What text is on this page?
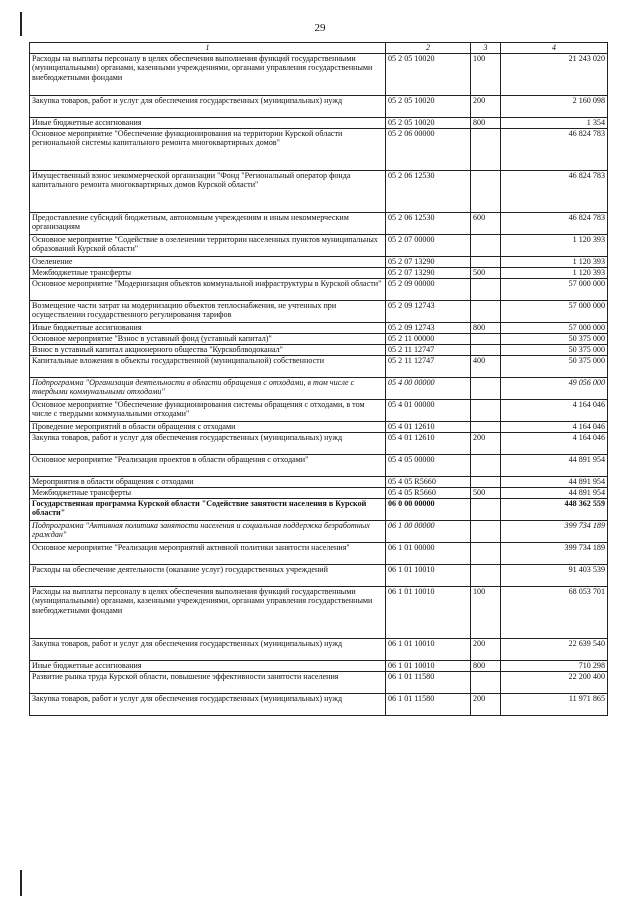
29
1	2	3	4
Расходы на выплаты персоналу в целях обеспечения выполнения функций государственными (муниципальными) органами, казенными учреждениями, органами управления государственными внебюджетными фондами	05 2 05 10020	100	21 243 020
Закупка товаров, работ и услуг для обеспечения государственных (муниципальных) нужд	05 2 05 10020	200	2 160 098
Иные бюджетные ассигнования	05 2 05 10020	800	1 354
Основное мероприятие "Обеспечение функционирования на территории Курской области региональной системы капитального ремонта многоквартирных домов"	05 2 06 00000		46 824 783
Имущественный взнос некоммерческой организации "Фонд "Региональный оператор фонда капитального ремонта многоквартирных домов Курской области"	05 2 06 12530		46 824 783
Предоставление субсидий бюджетным, автономным учреждениям и иным некоммерческим организациям	05 2 06 12530	600	46 824 783
Основное мероприятие "Содействие в озеленении территории населенных пунктов муниципальных образований Курской области"	05 2 07 00000		1 120 393
Озеленение	05 2 07 13290		1 120 393
Межбюджетные трансферты	05 2 07 13290	500	1 120 393
Основное мероприятие "Модернизация объектов коммунальной инфраструктуры в Курской области"	05 2 09 00000		57 000 000
Возмещение части затрат на модернизацию объектов теплоснабжения, не учтенных при осуществлении государственного регулирования тарифов	05 2 09 12743		57 000 000
Иные бюджетные ассигнования	05 2 09 12743	800	57 000 000
Основное мероприятие "Взнос в уставный фонд (уставный капитал)"	05 2 11 00000		50 375 000
Взнос в уставный капитал акционерного общества "Курскоблводоканал"	05 2 11 12747		50 375 000
Капитальные вложения в объекты государственной (муниципальной) собственности	05 2 11 12747	400	50 375 000
Подпрограмма "Организация деятельности в области обращения с отходами, в том числе с твердыми коммунальными отходами"	05 4 00 00000		49 056 000
Основное мероприятие "Обеспечение функционирования системы обращения с отходами, в том числе с твердыми коммунальными отходами"	05 4 01 00000		4 164 046
Проведение мероприятий в области обращения с отходами	05 4 01 12610		4 164 046
Закупка товаров, работ и услуг для обеспечения государственных (муниципальных) нужд	05 4 01 12610	200	4 164 046
Основное мероприятие "Реализация проектов в области обращения с отходами"	05 4 05 00000		44 891 954
Мероприятия в области обращения с отходами	05 4 05 R5660		44 891 954
Межбюджетные трансферты	05 4 05 R5660	500	44 891 954
Государственная программа Курской области "Содействие занятости населения в Курской области"	06 0 00 00000		448 362 559
Подпрограмма "Активная политика занятости населения и социальная поддержка безработных граждан"	06 1 00 00000		399 734 189
Основное мероприятие "Реализация мероприятий активной политики занятости населения"	06 1 01 00000		399 734 189
Расходы на обеспечение деятельности (оказание услуг) государственных учреждений	06 1 01 10010		91 403 539
Расходы на выплаты персоналу в целях обеспечения выполнения функций государственными (муниципальными) органами, казенными учреждениями, органами управления государственными внебюджетными фондами	06 1 01 10010	100	68 053 701
Закупка товаров, работ и услуг для обеспечения государственных (муниципальных) нужд	06 1 01 10010	200	22 639 540
Иные бюджетные ассигнования	06 1 01 10010	800	710 298
Развитие рынка труда Курской области, повышение эффективности занятости населения	06 1 01 11580		22 200 400
Закупка товаров, работ и услуг для обеспечения государственных (муниципальных) нужд	06 1 01 11580	200	11 971 865
